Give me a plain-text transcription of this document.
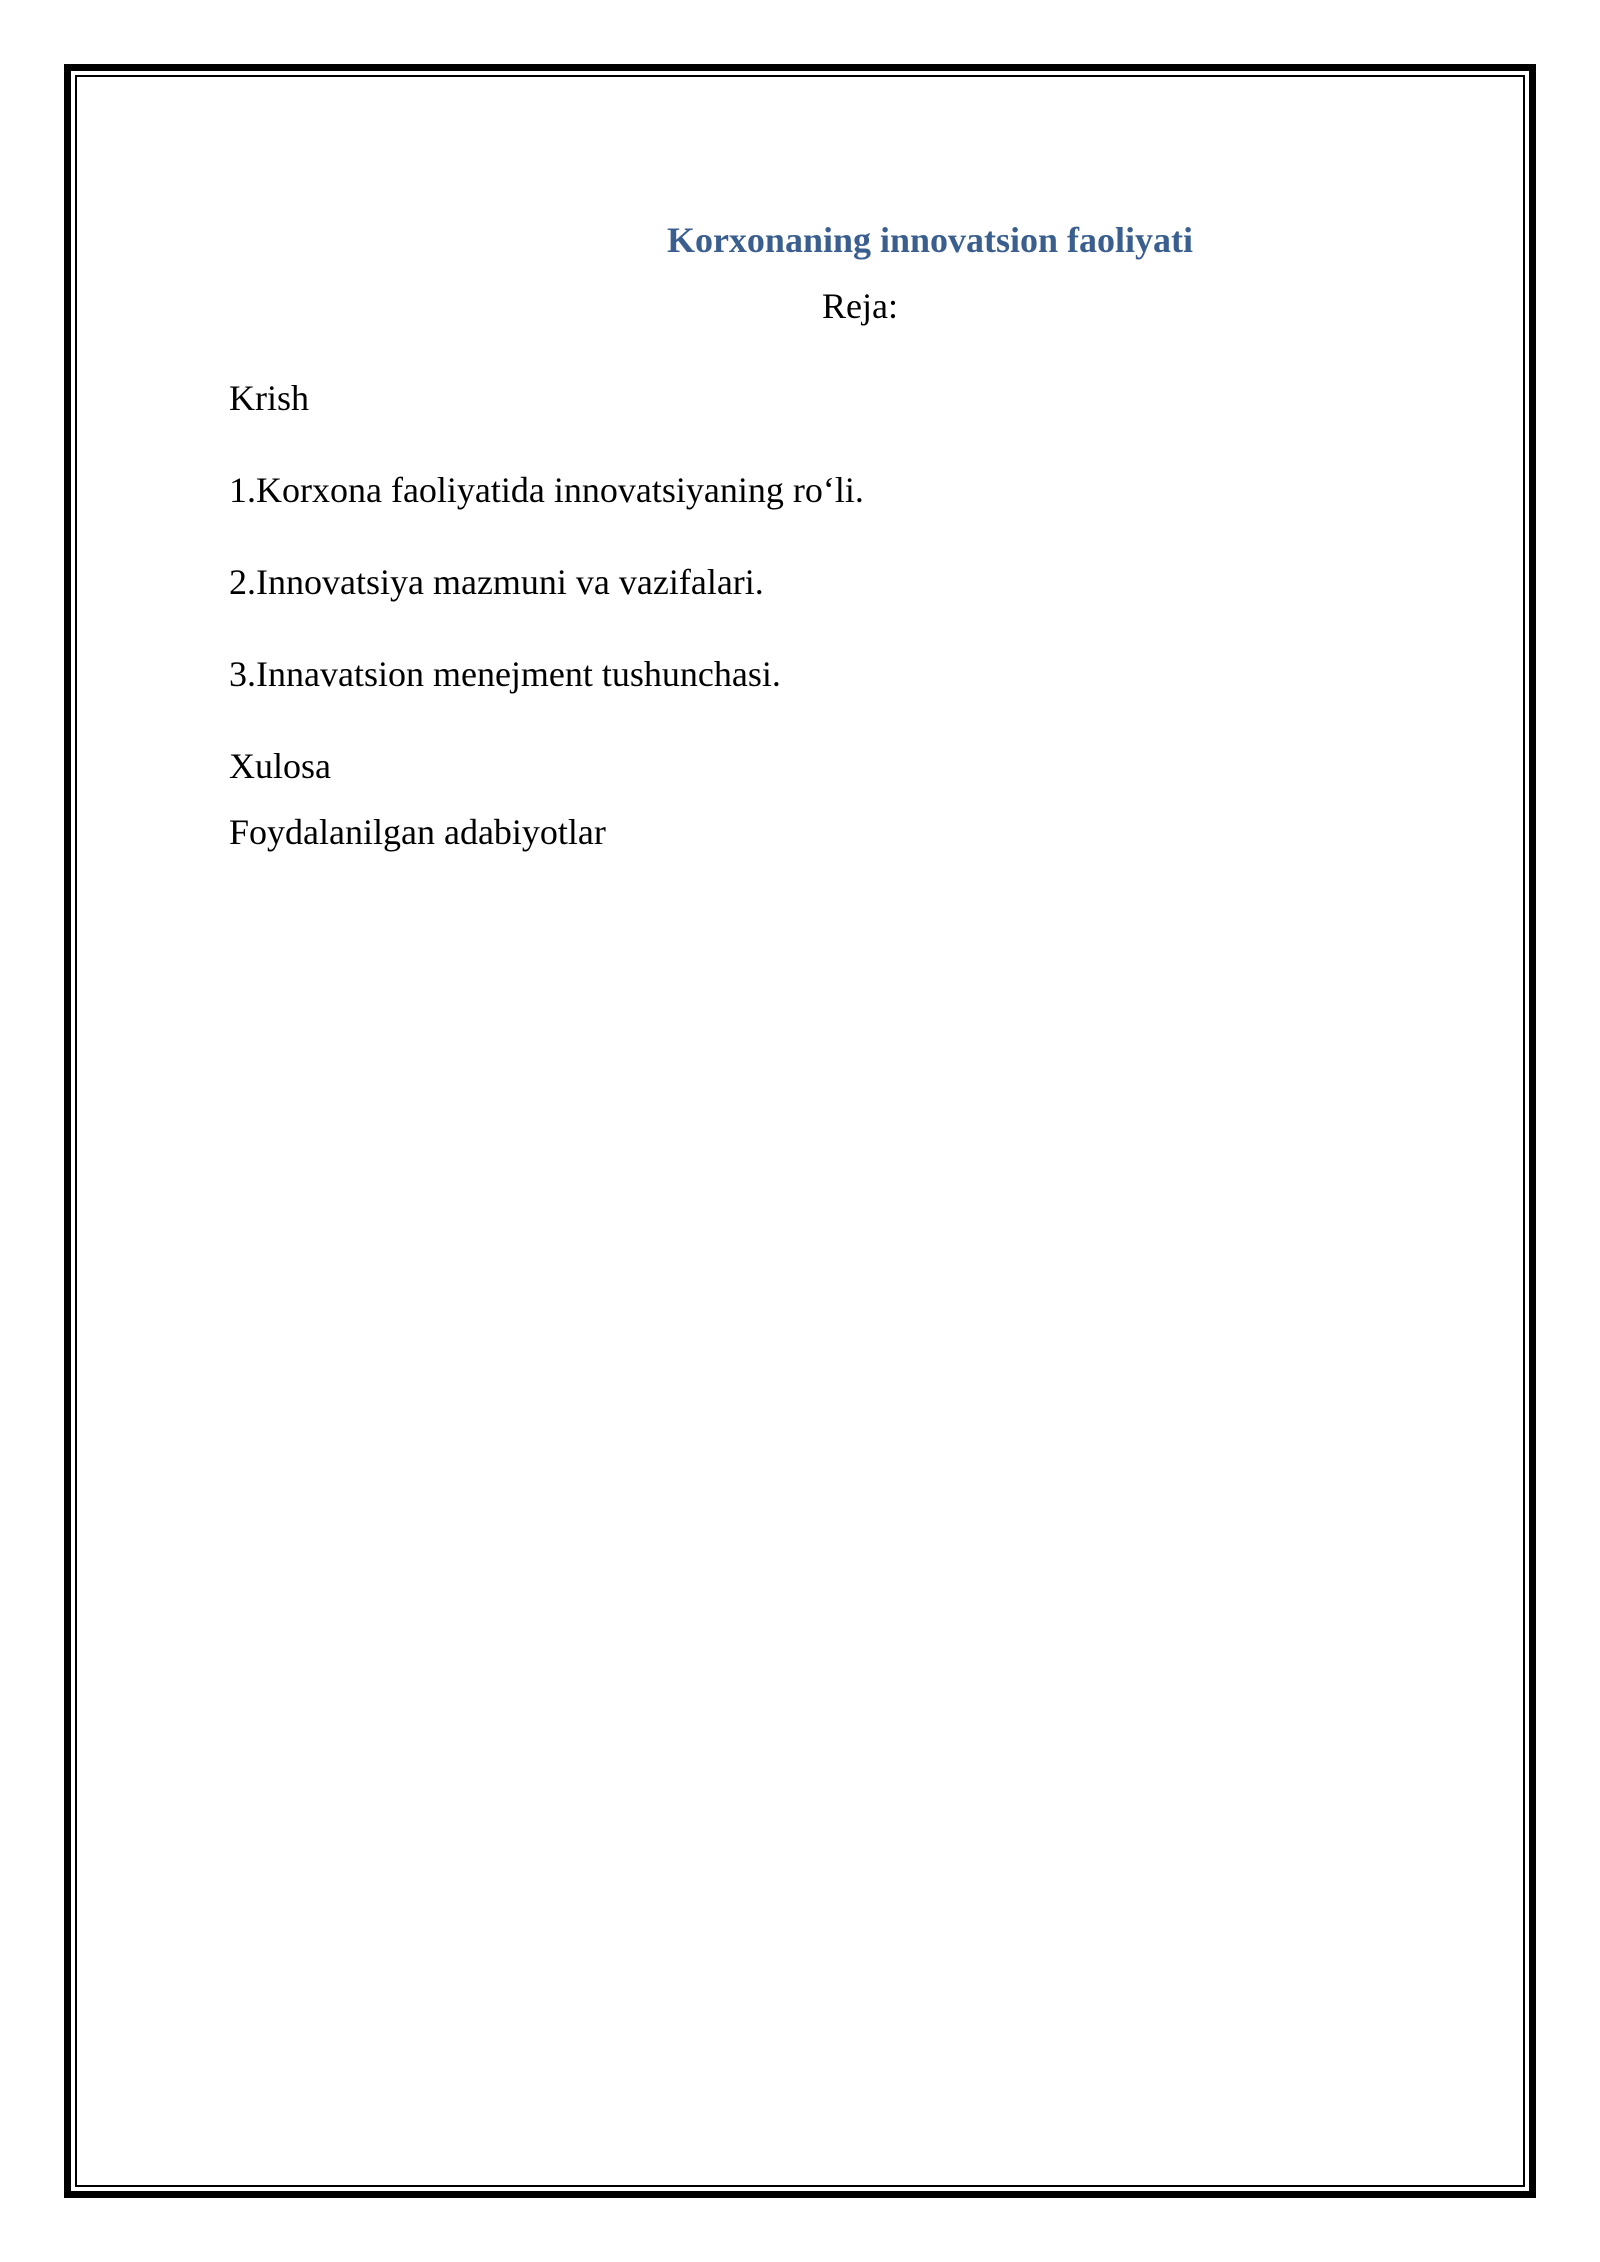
Korxonaning innovatsion faoliyati

Reja:

Krish

1.Korxona faoliyatida innovatsiyaning ro‘li.

2.Innovatsiya mazmuni va vazifalari.

3.Innavatsion menejment tushunchasi.

Xulosa

Foydalanilgan adabiyotlar
